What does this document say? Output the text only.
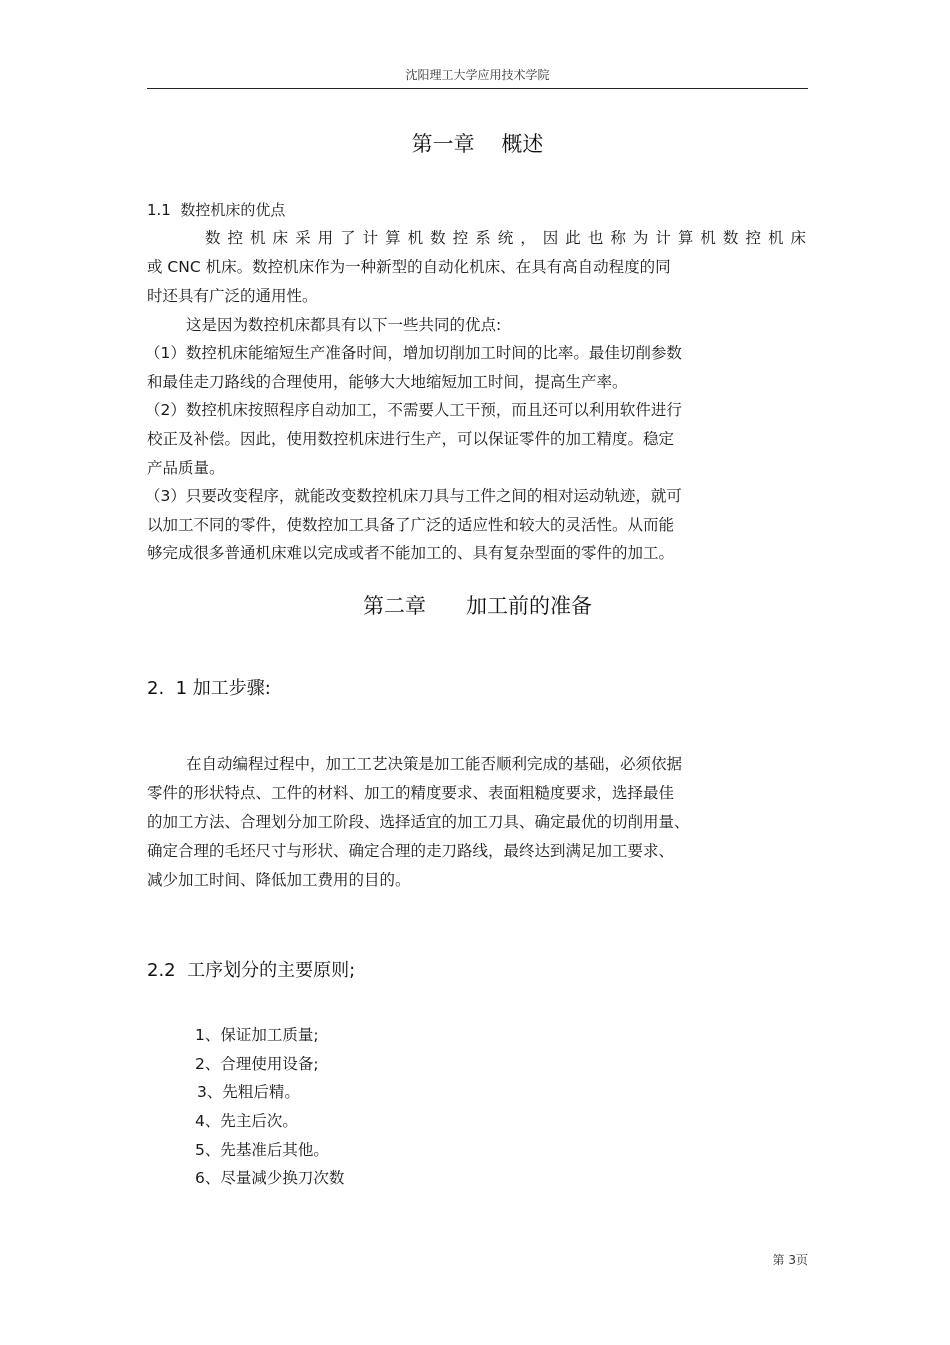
沈阳理工大学应用技术学院
第一章    概述
1.1  数控机床的优点
数控机床采用了计算机数控系统，因此也称为计算机数控机床
或 CNC 机床。数控机床作为一种新型的自动化机床、在具有高自动程度的同
时还具有广泛的通用性。
这是因为数控机床都具有以下一些共同的优点:
（1）数控机床能缩短生产准备时间，增加切削加工时间的比率。最佳切削参数
和最佳走刀路线的合理使用，能够大大地缩短加工时间，提高生产率。
（2）数控机床按照程序自动加工，不需要人工干预，而且还可以利用软件进行
校正及补偿。因此，使用数控机床进行生产，可以保证零件的加工精度。稳定
产品质量。
（3）只要改变程序，就能改变数控机床刀具与工件之间的相对运动轨迹，就可
以加工不同的零件，使数控加工具备了广泛的适应性和较大的灵活性。从而能
够完成很多普通机床难以完成或者不能加工的、具有复杂型面的零件的加工。
第二章      加工前的准备
2.  1 加工步骤:
在自动编程过程中，加工工艺决策是加工能否顺利完成的基础，必须依据
零件的形状特点、工件的材料、加工的精度要求、表面粗糙度要求，选择最佳
的加工方法、合理划分加工阶段、选择适宜的加工刀具、确定最优的切削用量、
确定合理的毛坯尺寸与形状、确定合理的走刀路线，最终达到满足加工要求、
减少加工时间、降低加工费用的目的。
2.2  工序划分的主要原则;
1、保证加工质量;
2、合理使用设备;
3、先粗后精。
4、先主后次。
5、先基准后其他。
6、尽量减少换刀次数
第 3页
